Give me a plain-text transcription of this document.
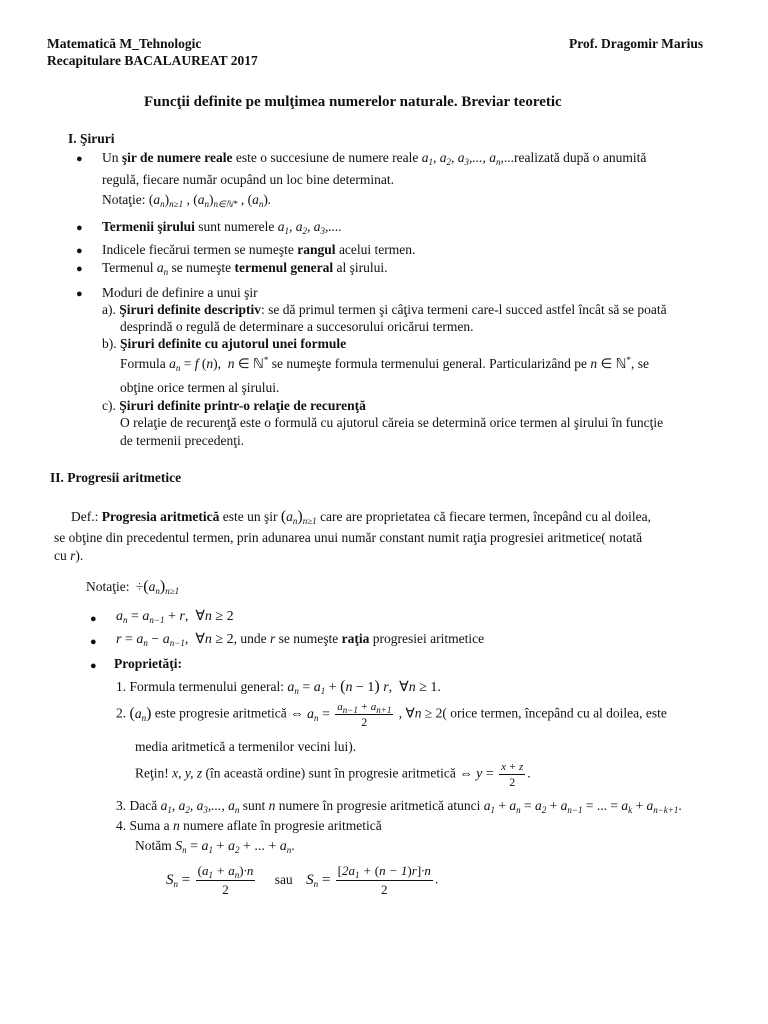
Matematică M_Tehnologic
Recapitulare BACALAUREAT 2017
Prof. Dragomir Marius
Funcţii definite pe mulţimea numerelor naturale. Breviar teoretic
I. Şiruri
● Un şir de numere reale este o succesiune de numere reale $a_1$, $a_2$, $a_3$,..., $a_n,...realizată$ după o anumită
regulă, fiecare număr ocupând un loc bine determinat.
Notaţie: $(a_n)_{n\ge 1}$ , $(a_n)_{n\in ℕ*}$ , $(a_n)$.
● Termenii şirului sunt numerele $a_1$, $a_2$, $a_3$,....
● Indicele fiecărui termen se numeşte rangul acelui termen.
● Termenul $a_n$ se numeşte termenul general al şirului.
● Moduri de definire a unui şir
a). Şiruri definite descriptiv: se dă primul termen şi câţiva termeni care-l succed astfel încât să se poată
desprindă o regulă de determinare a succesorului oricărui termen.
b). Şiruri definite cu ajutorul unei formule
Formula $a_n = f$ (n),  n ∈ ℕ* se numeşte formula termenului general. Particularizând pe n ∈ ℕ*, se
obţine orice termen al şirului.
c). Şiruri definite printr-o relaţie de recurenţă
O relaţie de recurenţă este o formulă cu ajutorul căreia se determină orice termen al şirului în funcţie
de termenii precedenţi.
II. Progresii aritmetice
Def.: Progresia aritmetică este un şir $(a_n)_{n\ge 1}$ care are proprietatea că fiecare termen, începând cu al doilea,
se obţine din precedentul termen, prin adunarea unui număr constant numit raţia progresiei aritmetice( notată
cu r).
Notaţie: $\div(a_n)_{n\ge 1}$
● $a_n = a_{n-1} + r$, ∀n ≥ 2
● $r = a_n - a_{n-1}$, ∀n ≥ 2, unde r se numeşte raţia progresiei aritmetice
● Proprietăţi:
1. Formula termenului general: $a_n = a_1 + (n - 1)$ r, ∀n ≥ 1.
2. $(a_n)$ este progresie aritmetică ⇔ $a_n = \frac{a_{n-1} + a_{n+1}}{2}$ , ∀n ≥ 2( orice termen, începând cu al doilea, este
media aritmetică a termenilor vecini lui).
Reţin! x, y, z (în această ordine) sunt în progresie aritmetică ⇔ $y = \frac{x + z}{2}$ .
3. Dacă $a_1$, $a_2$, $a_3$,..., $a_n$ sunt n numere în progresie aritmetică atunci $a_1 + a_n = a_2 + a_{n-1}$ = ... = $a_k + a_{n-k+1}$.
4. Suma a n numere aflate în progresie aritmetică
Notăm $S_n = a_1 + a_2$ + ... + $a_n$.
$S_n = \frac{(a_1 + a_n)\cdot n}{2}$ sau $S_n = \frac{[2a_1 + (n - 1)r]\cdot n}{2}$ .
